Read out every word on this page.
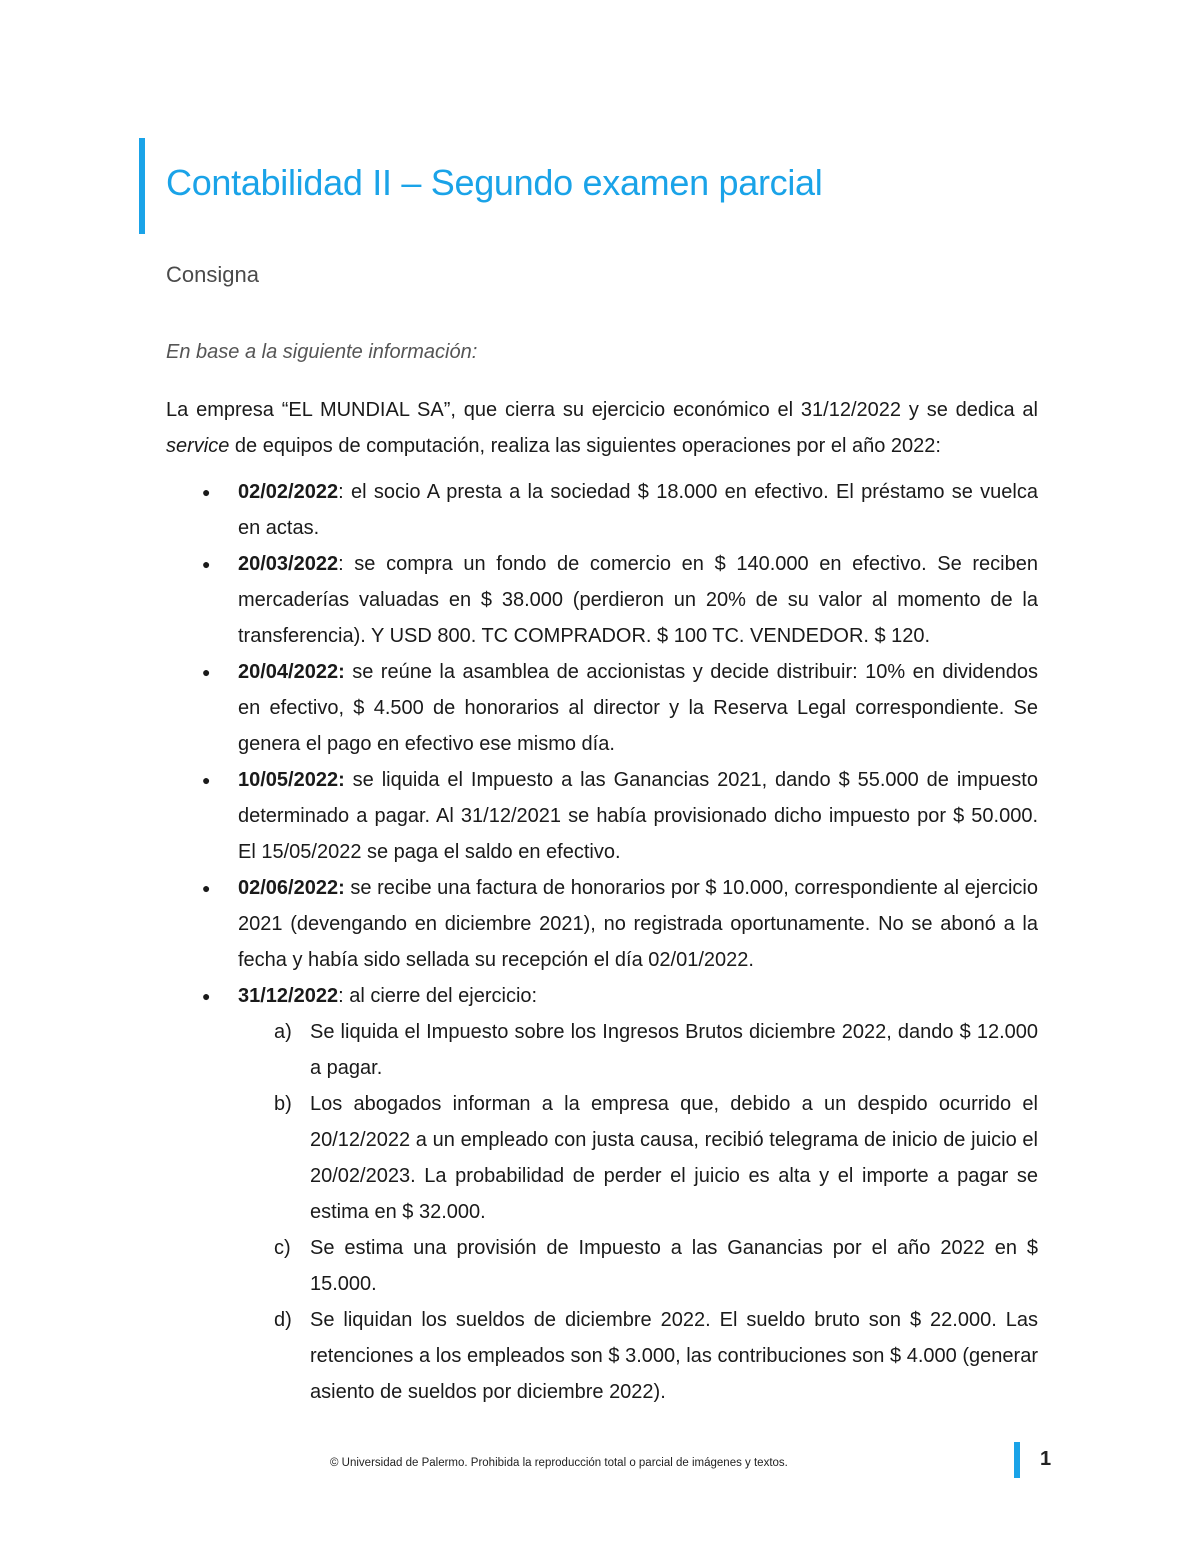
Contabilidad II – Segundo examen parcial
Consigna

En base a la siguiente información:

La empresa “EL MUNDIAL SA”, que cierra su ejercicio económico el 31/12/2022 y se dedica al service de equipos de computación, realiza las siguientes operaciones por el año 2022:

● 02/02/2022: el socio A presta a la sociedad $ 18.000 en efectivo. El préstamo se vuelca en actas.
● 20/03/2022: se compra un fondo de comercio en $ 140.000 en efectivo. Se reciben mercaderías valuadas en $ 38.000 (perdieron un 20% de su valor al momento de la transferencia). Y USD 800. TC COMPRADOR. $ 100 TC. VENDEDOR. $ 120.
● 20/04/2022: se reúne la asamblea de accionistas y decide distribuir: 10% en dividendos en efectivo, $ 4.500 de honorarios al director y la Reserva Legal correspondiente. Se genera el pago en efectivo ese mismo día.
● 10/05/2022: se liquida el Impuesto a las Ganancias 2021, dando $ 55.000 de impuesto determinado a pagar. Al 31/12/2021 se había provisionado dicho impuesto por $ 50.000. El 15/05/2022 se paga el saldo en efectivo.
● 02/06/2022: se recibe una factura de honorarios por $ 10.000, correspondiente al ejercicio 2021 (devengando en diciembre 2021), no registrada oportunamente. No se abonó a la fecha y había sido sellada su recepción el día 02/01/2022.
● 31/12/2022: al cierre del ejercicio:
a) Se liquida el Impuesto sobre los Ingresos Brutos diciembre 2022, dando $ 12.000 a pagar.
b) Los abogados informan a la empresa que, debido a un despido ocurrido el 20/12/2022 a un empleado con justa causa, recibió telegrama de inicio de juicio el 20/02/2023. La probabilidad de perder el juicio es alta y el importe a pagar se estima en $ 32.000.
c) Se estima una provisión de Impuesto a las Ganancias por el año 2022 en $ 15.000.
d) Se liquidan los sueldos de diciembre 2022. El sueldo bruto son $ 22.000. Las retenciones a los empleados son $ 3.000, las contribuciones son $ 4.000 (generar asiento de sueldos por diciembre 2022).
© Universidad de Palermo. Prohibida la reproducción total o parcial de imágenes y textos.	1
